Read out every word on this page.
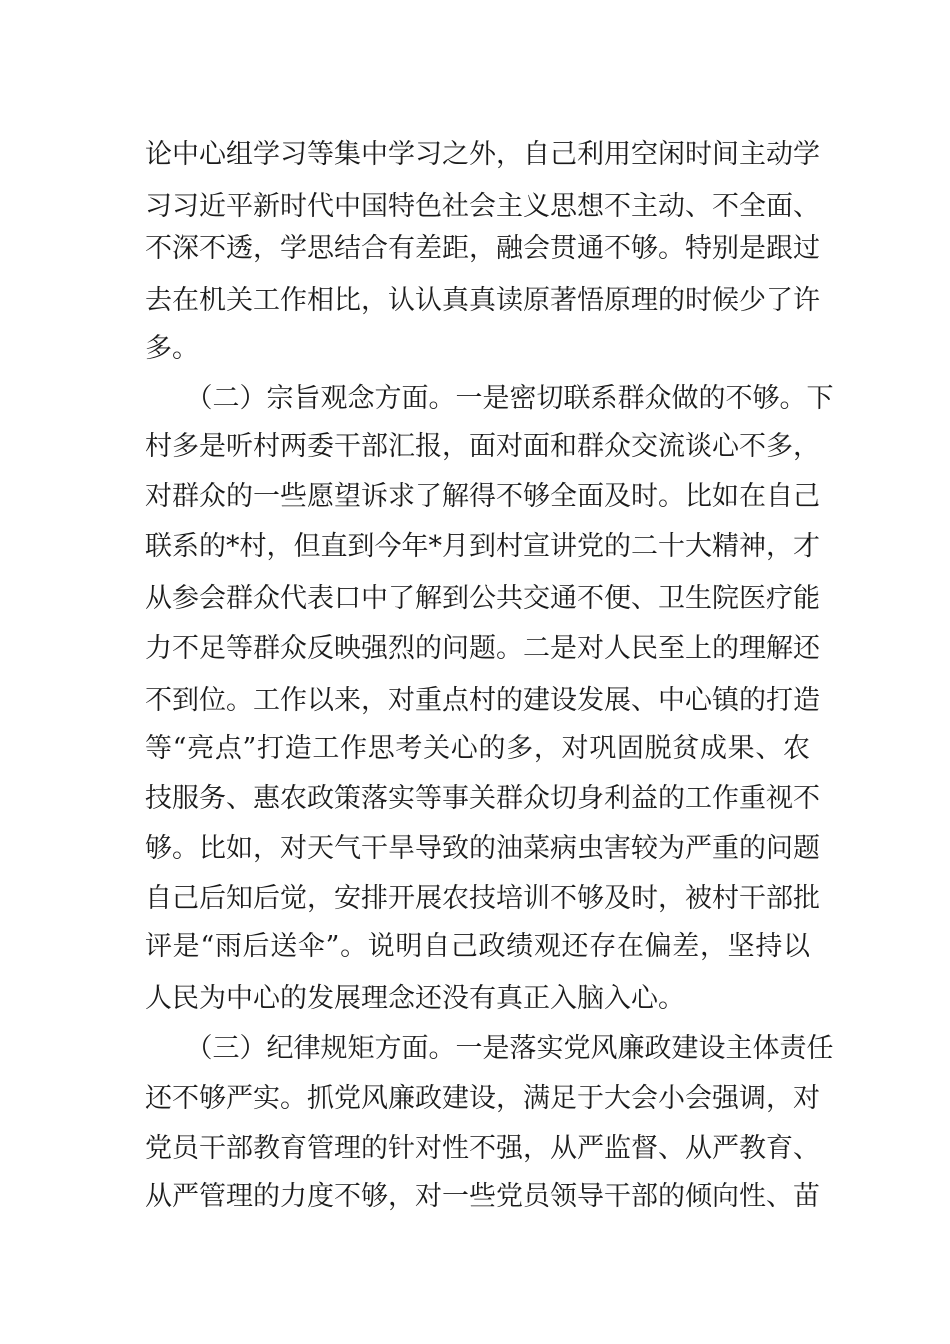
论中心组学习等集中学习之外，自己利用空闲时间主动学
习习近平新时代中国特色社会主义思想不主动、不全面、
不深不透，学思结合有差距，融会贯通不够。特别是跟过
去在机关工作相比，认认真真读原著悟原理的时候少了许
多。
　　（二）宗旨观念方面。一是密切联系群众做的不够。下
村多是听村两委干部汇报，面对面和群众交流谈心不多，
对群众的一些愿望诉求了解得不够全面及时。比如在自己
联系的*村，但直到今年*月到村宣讲党的二十大精神，才
从参会群众代表口中了解到公共交通不便、卫生院医疗能
力不足等群众反映强烈的问题。二是对人民至上的理解还
不到位。工作以来，对重点村的建设发展、中心镇的打造
等“亮点”打造工作思考关心的多，对巩固脱贫成果、农
技服务、惠农政策落实等事关群众切身利益的工作重视不
够。比如，对天气干旱导致的油菜病虫害较为严重的问题
自己后知后觉，安排开展农技培训不够及时，被村干部批
评是“雨后送伞”。说明自己政绩观还存在偏差，坚持以
人民为中心的发展理念还没有真正入脑入心。
　　（三）纪律规矩方面。一是落实党风廉政建设主体责任
还不够严实。抓党风廉政建设，满足于大会小会强调，对
党员干部教育管理的针对性不强，从严监督、从严教育、
从严管理的力度不够，对一些党员领导干部的倾向性、苗
